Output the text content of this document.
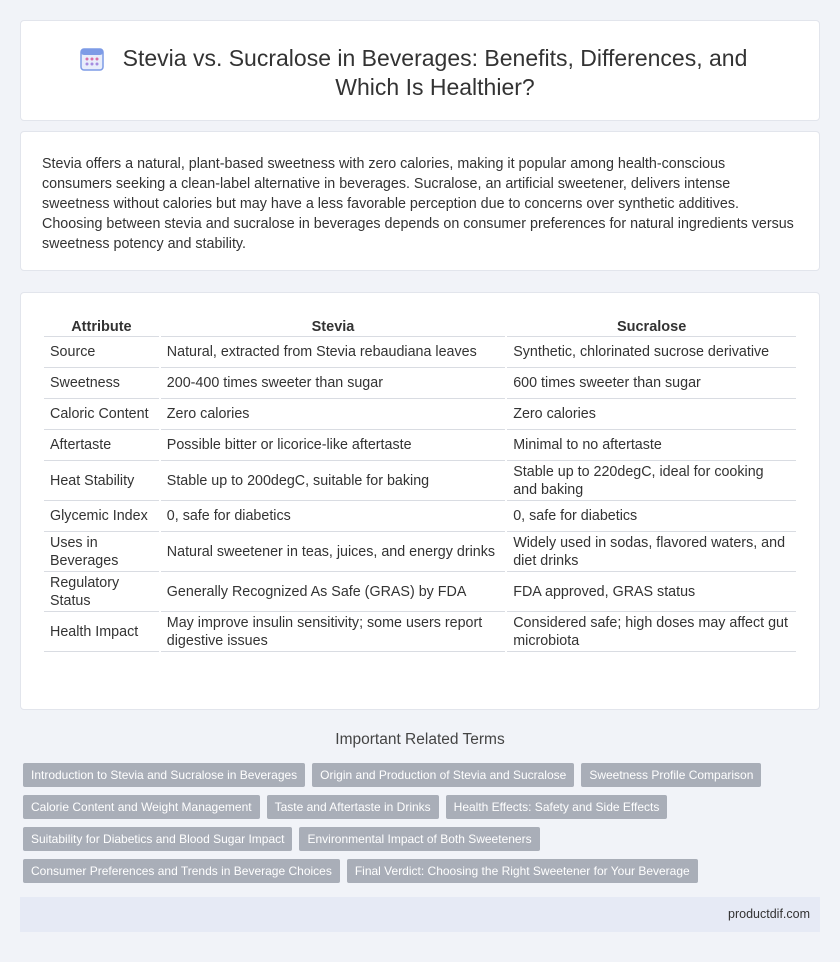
Stevia vs. Sucralose in Beverages: Benefits, Differences, and Which Is Healthier?

Stevia offers a natural, plant-based sweetness with zero calories, making it popular among health-conscious consumers seeking a clean-label alternative in beverages. Sucralose, an artificial sweetener, delivers intense sweetness without calories but may have a less favorable perception due to concerns over synthetic additives. Choosing between stevia and sucralose in beverages depends on consumer preferences for natural ingredients versus sweetness potency and stability.

Attribute	Stevia	Sucralose
Source	Natural, extracted from Stevia rebaudiana leaves	Synthetic, chlorinated sucrose derivative
Sweetness	200-400 times sweeter than sugar	600 times sweeter than sugar
Caloric Content	Zero calories	Zero calories
Aftertaste	Possible bitter or licorice-like aftertaste	Minimal to no aftertaste
Heat Stability	Stable up to 200degC, suitable for baking	Stable up to 220degC, ideal for cooking and baking
Glycemic Index	0, safe for diabetics	0, safe for diabetics
Uses in Beverages	Natural sweetener in teas, juices, and energy drinks	Widely used in sodas, flavored waters, and diet drinks
Regulatory Status	Generally Recognized As Safe (GRAS) by FDA	FDA approved, GRAS status
Health Impact	May improve insulin sensitivity; some users report digestive issues	Considered safe; high doses may affect gut microbiota
Important Related Terms
Introduction to Stevia and Sucralose in Beverages	Origin and Production of Stevia and Sucralose	Sweetness Profile Comparison
Calorie Content and Weight Management	Taste and Aftertaste in Drinks	Health Effects: Safety and Side Effects
Suitability for Diabetics and Blood Sugar Impact	Environmental Impact of Both Sweeteners
Consumer Preferences and Trends in Beverage Choices	Final Verdict: Choosing the Right Sweetener for Your Beverage
productdif.com
